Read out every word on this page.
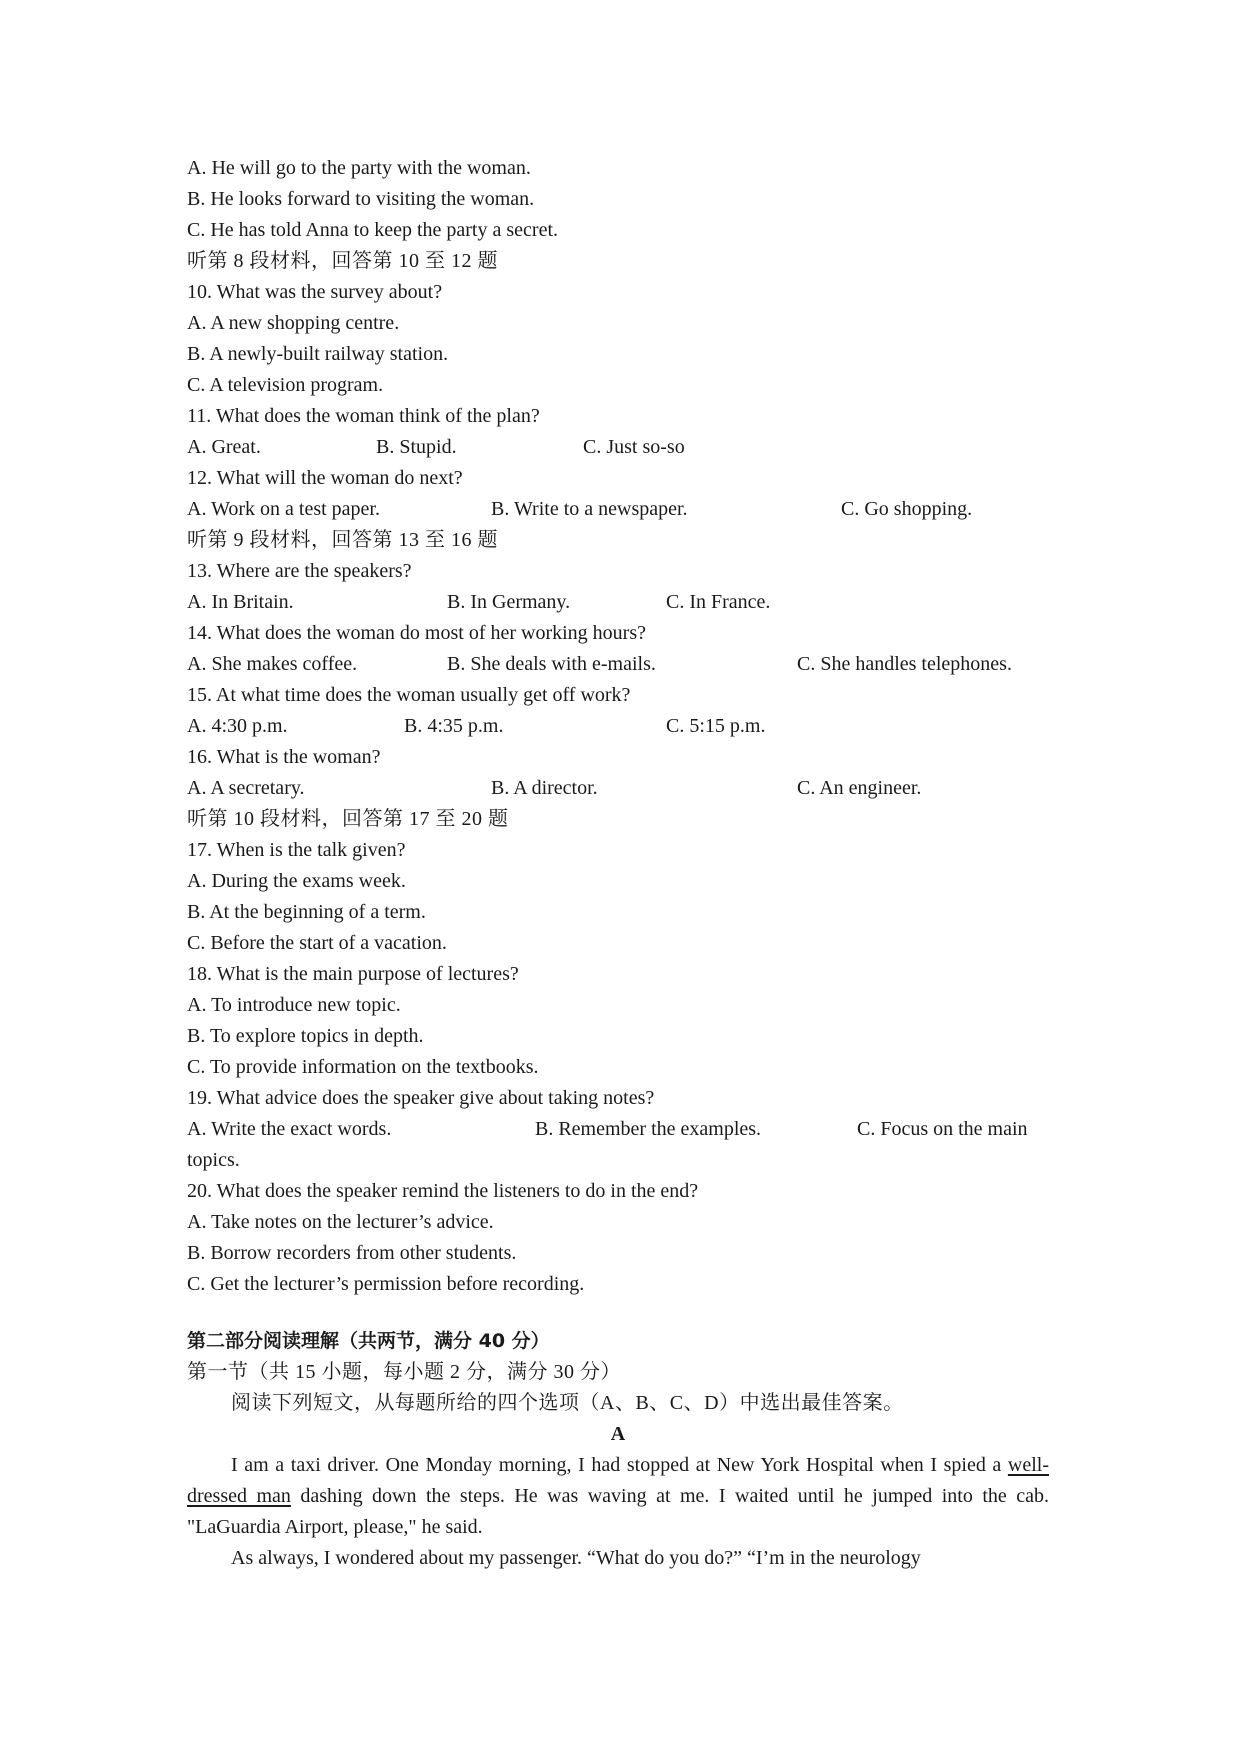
A. He will go to the party with the woman.
B. He looks forward to visiting the woman.
C. He has told Anna to keep the party a secret.
听第 8 段材料，回答第 10 至 12 题
10. What was the survey about?
A. A new shopping centre.
B. A newly-built railway station.
C. A television program.
11. What does the woman think of the plan?
A. Great.	B. Stupid.	C. Just so-so
12. What will the woman do next?
A. Work on a test paper.	B. Write to a newspaper.	C. Go shopping.
听第 9 段材料，回答第 13 至 16 题
13. Where are the speakers?
A. In Britain.	B. In Germany.	C. In France.
14. What does the woman do most of her working hours?
A. She makes coffee.	B. She deals with e-mails.	C. She handles telephones.
15. At what time does the woman usually get off work?
A. 4:30 p.m.	B. 4:35 p.m.	C. 5:15 p.m.
16. What is the woman?
A. A secretary.	B. A director.	C. An engineer.
听第 10 段材料，回答第 17 至 20 题
17. When is the talk given?
A. During the exams week.
B. At the beginning of a term.
C. Before the start of a vacation.
18. What is the main purpose of lectures?
A. To introduce new topic.
B. To explore topics in depth.
C. To provide information on the textbooks.
19. What advice does the speaker give about taking notes?
A. Write the exact words.	B. Remember the examples.	C. Focus on the main
topics.
20. What does the speaker remind the listeners to do in the end?
A. Take notes on the lecturer’s advice.
B. Borrow recorders from other students.
C. Get the lecturer’s permission before recording.
第二部分阅读理解（共两节，满分 40 分）
第一节（共 15 小题，每小题 2 分，满分 30 分）
阅读下列短文，从每题所给的四个选项（A、B、C、D）中选出最佳答案。
A
I am a taxi driver. One Monday morning, I had stopped at New York Hospital when I spied a well-dressed man dashing down the steps. He was waving at me. I waited until he jumped into the cab. "LaGuardia Airport, please," he said.
As always, I wondered about my passenger. “What do you do?” “I’m in the neurology
